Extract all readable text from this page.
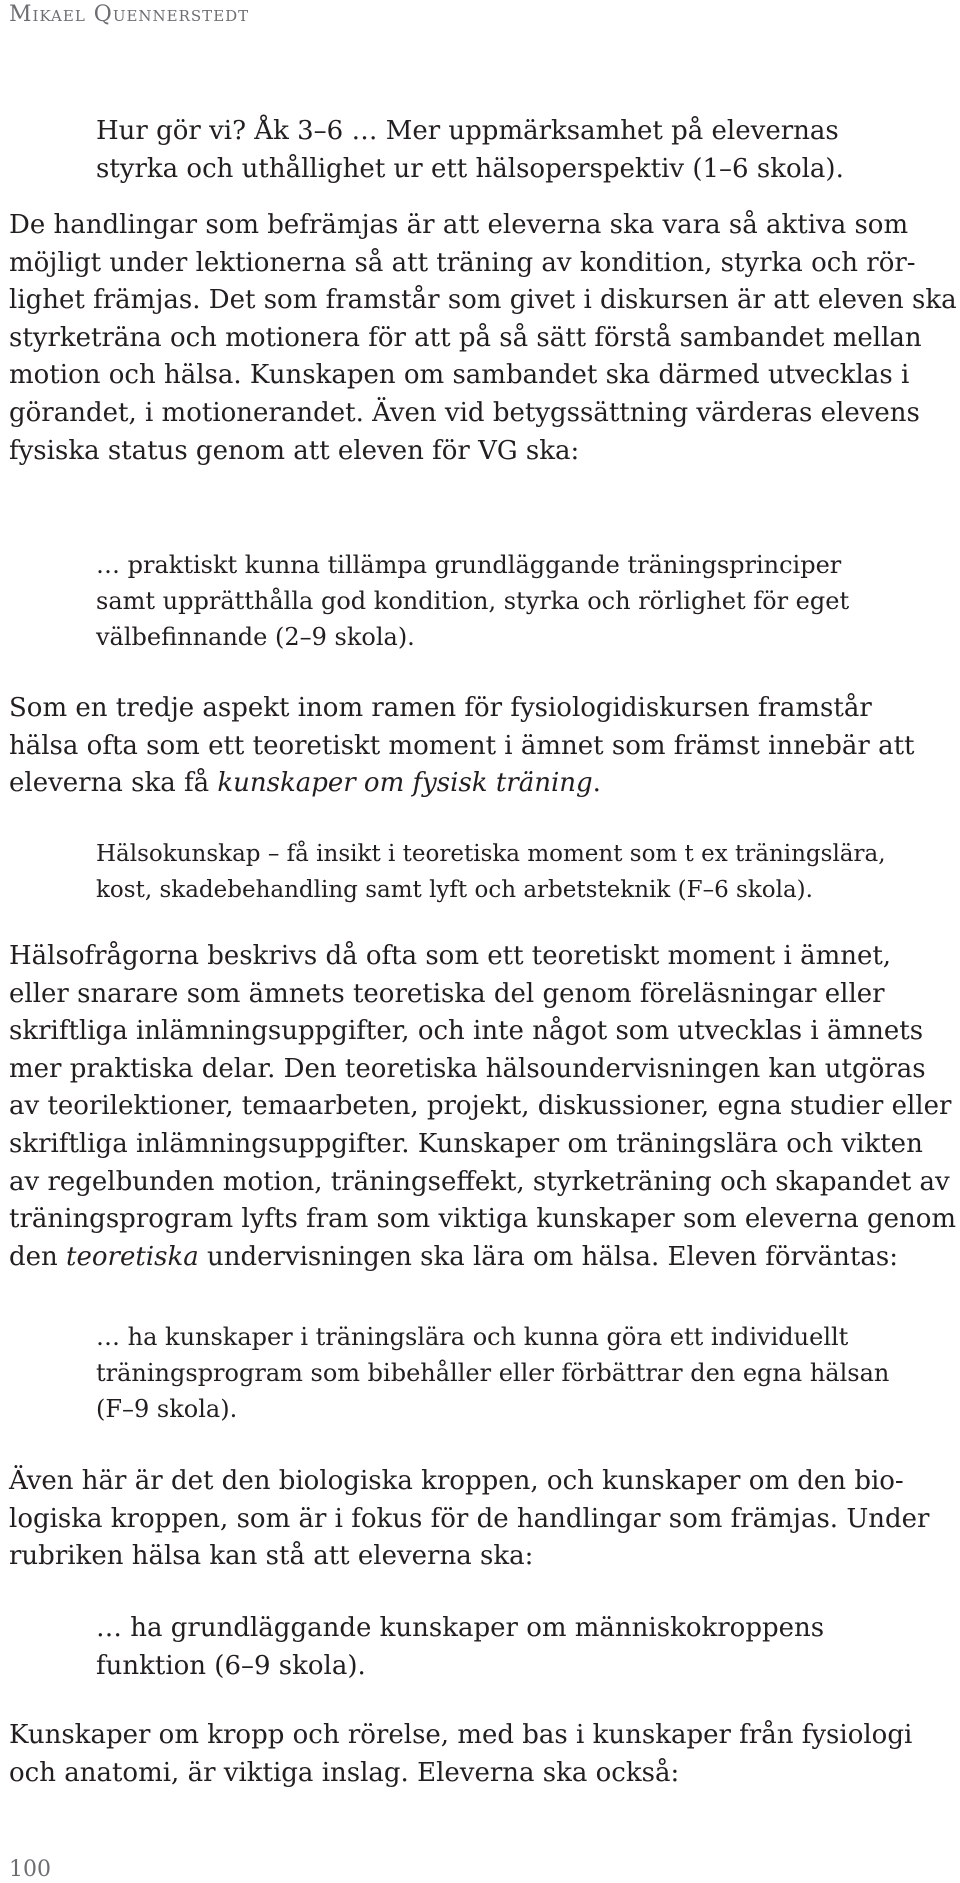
Mikael Quennerstedt

Hur gör vi? Åk 3–6 … Mer uppmärksamhet på elevernas
styrka och uthållighet ur ett hälsoperspektiv (1–6 skola).

De handlingar som befrämjas är att eleverna ska vara så aktiva som
möjligt under lektionerna så att träning av kondition, styrka och rör-
lighet främjas. Det som framstår som givet i diskursen är att eleven ska
styrketräna och motionera för att på så sätt förstå sambandet mellan
motion och hälsa. Kunskapen om sambandet ska därmed utvecklas i
görandet, i motionerandet. Även vid betygssättning värderas elevens
fysiska status genom att eleven för VG ska:

… praktiskt kunna tillämpa grundläggande träningsprinciper
samt upprätthålla god kondition, styrka och rörlighet för eget
välbefinnande (2–9 skola).

Som en tredje aspekt inom ramen för fysiologidiskursen framstår
hälsa ofta som ett teoretiskt moment i ämnet som främst innebär att
eleverna ska få kunskaper om fysisk träning.

Hälsokunskap – få insikt i teoretiska moment som t ex träningslära,
kost, skadebehandling samt lyft och arbetsteknik (F–6 skola).

Hälsofrågorna beskrivs då ofta som ett teoretiskt moment i ämnet,
eller snarare som ämnets teoretiska del genom föreläsningar eller
skriftliga inlämningsuppgifter, och inte något som utvecklas i ämnets
mer praktiska delar. Den teoretiska hälsoundervisningen kan utgöras
av teorilektioner, temaarbeten, projekt, diskussioner, egna studier eller
skriftliga inlämningsuppgifter. Kunskaper om träningslära och vikten
av regelbunden motion, träningseffekt, styrketräning och skapandet av
träningsprogram lyfts fram som viktiga kunskaper som eleverna genom
den teoretiska undervisningen ska lära om hälsa. Eleven förväntas:

… ha kunskaper i träningslära och kunna göra ett individuellt
träningsprogram som bibehåller eller förbättrar den egna hälsan
(F–9 skola).

Även här är det den biologiska kroppen, och kunskaper om den bio-
logiska kroppen, som är i fokus för de handlingar som främjas. Under
rubriken hälsa kan stå att eleverna ska:

… ha grundläggande kunskaper om människokroppens
funktion (6–9 skola).

Kunskaper om kropp och rörelse, med bas i kunskaper från fysiologi
och anatomi, är viktiga inslag. Eleverna ska också:

100
